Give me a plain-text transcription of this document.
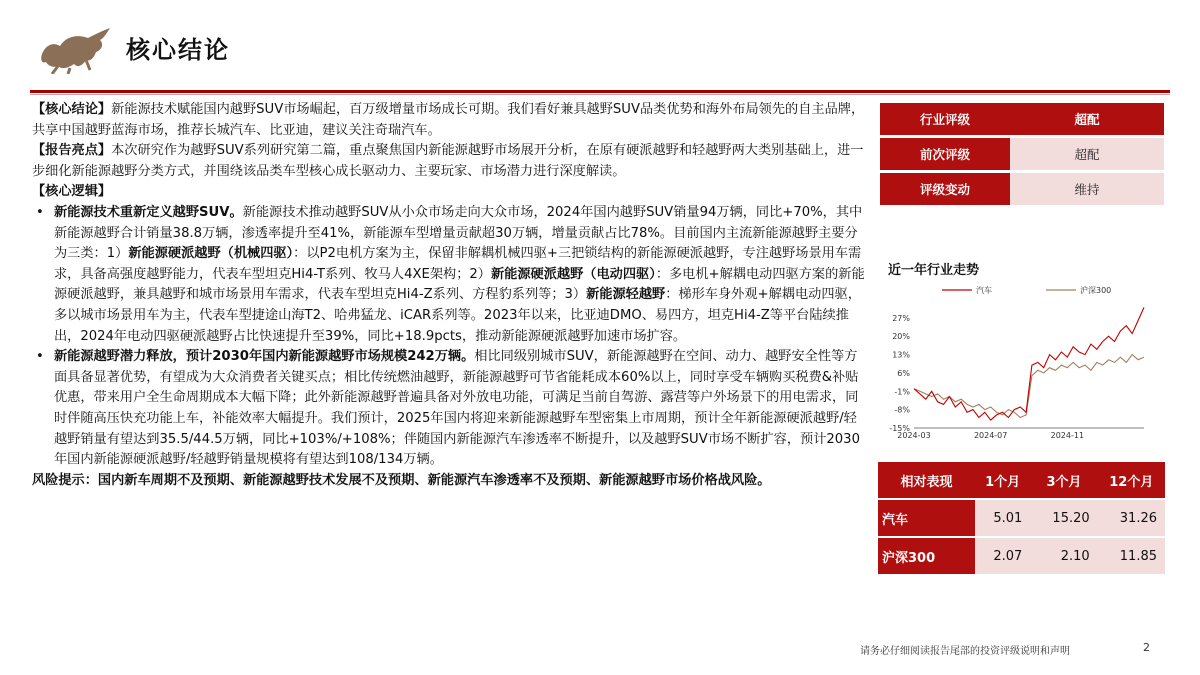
核心结论

【核心结论】新能源技术赋能国内越野SUV市场崛起，百万级增量市场成长可期。我们看好兼具越野SUV品类优势和海外布局领先的自主品牌，共享中国越野蓝海市场，推荐长城汽车、比亚迪，建议关注奇瑞汽车。

【报告亮点】本次研究作为越野SUV系列研究第二篇，重点聚焦国内新能源越野市场展开分析，在原有硬派越野和轻越野两大类别基础上，进一步细化新能源越野分类方式，并围绕该品类车型核心成长驱动力、主要玩家、市场潜力进行深度解读。

【核心逻辑】

• 新能源技术重新定义越野SUV。新能源技术推动越野SUV从小众市场走向大众市场，2024年国内越野SUV销量94万辆，同比+70%，其中新能源越野合计销量38.8万辆，渗透率提升至41%，新能源车型增量贡献超30万辆，增量贡献占比78%。目前国内主流新能源越野主要分为三类：1）新能源硬派越野（机械四驱）：以P2电机方案为主，保留非解耦机械四驱+三把锁结构的新能源硬派越野，专注越野场景用车需求，具备高强度越野能力，代表车型坦克Hi4-T系列、牧马人4XE架构；2）新能源硬派越野（电动四驱）：多电机+解耦电动四驱方案的新能源硬派越野，兼具越野和城市场景用车需求，代表车型坦克Hi4-Z系列、方程豹系列等；3）新能源轻越野：梯形车身外观+解耦电动四驱，多以城市场景用车为主，代表车型捷途山海T2、哈弗猛龙、iCAR系列等。2023年以来，比亚迪DMO、易四方，坦克Hi4-Z等平台陆续推出，2024年电动四驱硬派越野占比快速提升至39%，同比+18.9pcts，推动新能源硬派越野加速市场扩容。

• 新能源越野潜力释放，预计2030年国内新能源越野市场规模242万辆。相比同级别城市SUV，新能源越野在空间、动力、越野安全性等方面具备显著优势，有望成为大众消费者关键买点；相比传统燃油越野，新能源越野可节省能耗成本60%以上，同时享受车辆购买税费&补贴优惠，带来用户全生命周期成本大幅下降；此外新能源越野普遍具备对外放电功能，可满足当前自驾游、露营等户外场景下的用电需求，同时伴随高压快充功能上车，补能效率大幅提升。我们预计，2025年国内将迎来新能源越野车型密集上市周期，预计全年新能源硬派越野/轻越野销量有望达到35.5/44.5万辆，同比+103%/+108%；伴随国内新能源汽车渗透率不断提升，以及越野SUV市场不断扩容，预计2030年国内新能源硬派越野/轻越野销量规模将有望达到108/134万辆。

风险提示：国内新车周期不及预期、新能源越野技术发展不及预期、新能源汽车渗透率不及预期、新能源越野市场价格战风险。

行业评级	超配
前次评级	超配
评级变动	维持
近一年行业走势
汽车	沪深300
27%
20%
13%
6%
-1%
-8%
-15%
2024-03	2024-07	2024-11
相对表现	1个月	3个月	12个月
汽车	5.01	15.20	31.26
沪深300	2.07	2.10	11.85
请务必仔细阅读报告尾部的投资评级说明和声明	2
